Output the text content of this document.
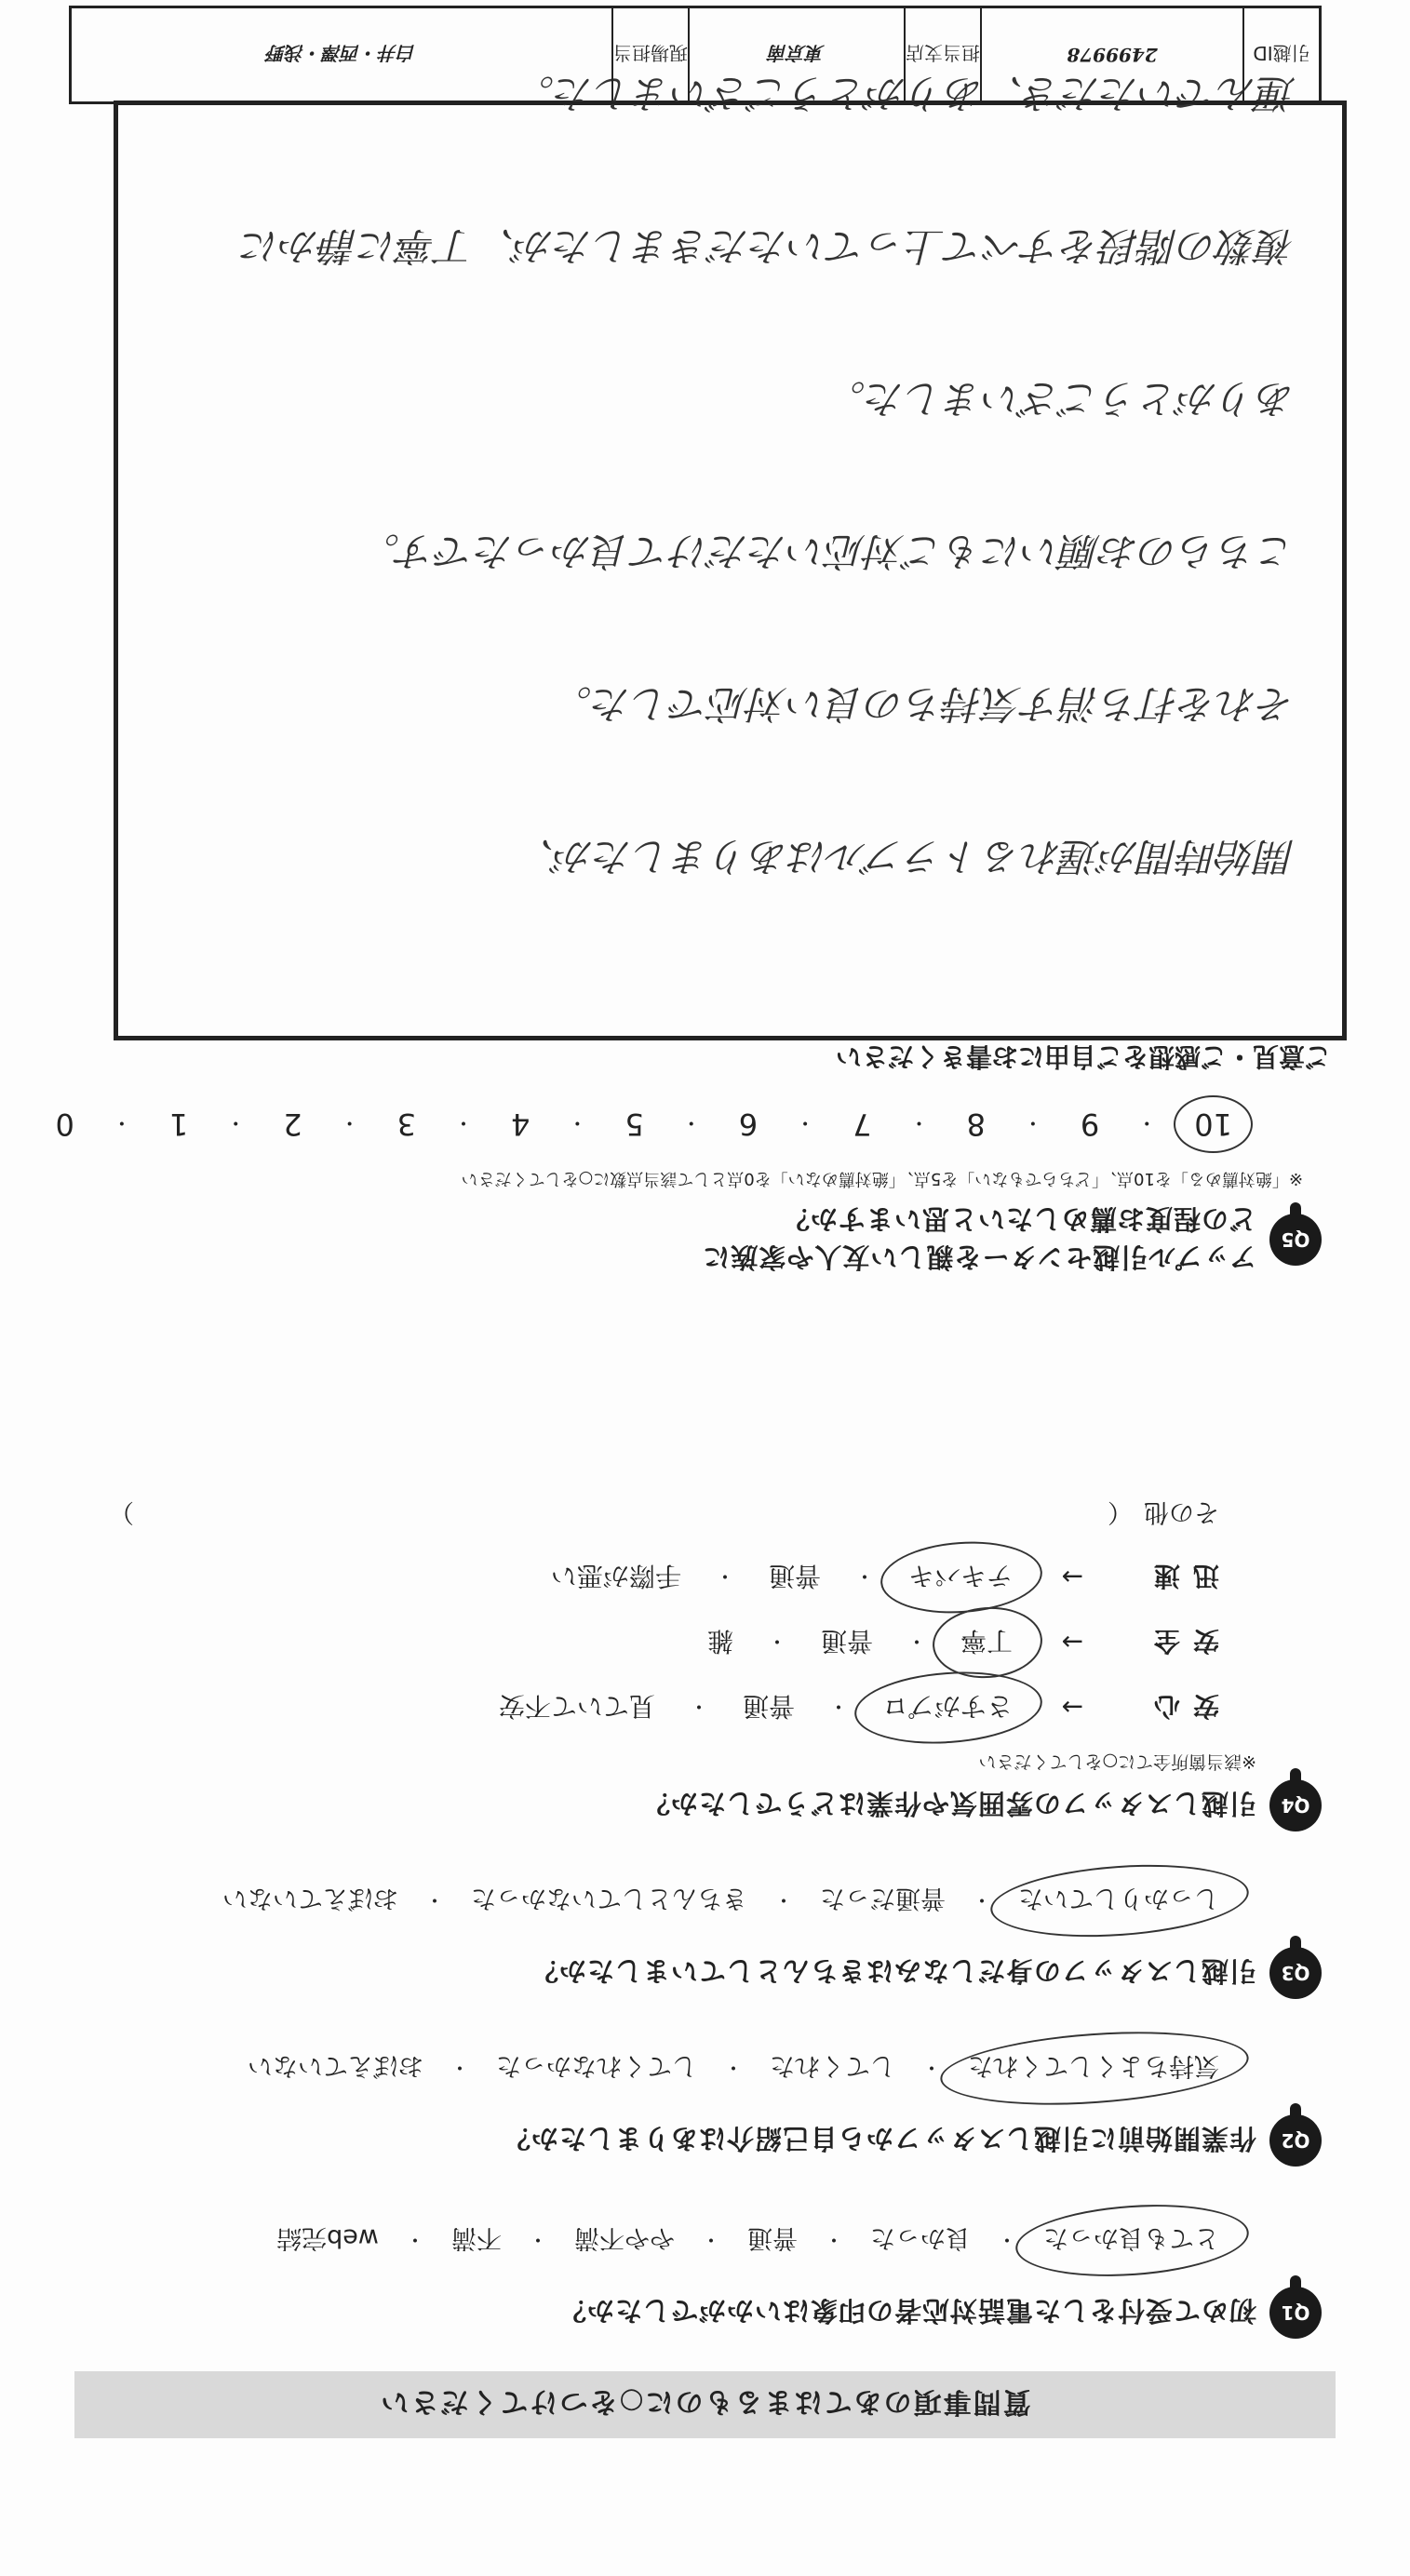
質問事項のあてはまるものに○をつけてください
Q1
初めて受付をした電話対応者の印象はいかがでしたか？
とても良かった
・
良かった
・
普通
・
やや不満
・
不満
・
web完結
Q2
作業開始前に引越しスタッフから自己紹介はありましたか？
気持ちよくしてくれた
・
してくれた
・
してくれなかった
・
おぼえていない
Q3
引越しスタッフの身だしなみはきちんとしていましたか？
しっかりしていた
・
普通だった
・
きちんとしていなかった
・
おぼえていない
Q4
引越しスタッフの雰囲気や作業はどうでしたか？
※該当箇所全てに○をしてください
安心
→
さすがプロ
・
普通
・
見ていて不安
安全
→
丁寧
・
普通
・
雑
迅速
→
テキパキ
・
普通
・
手際が悪い
その他
（
）
Q5
アップル引越センターを親しい友人や家族に
どの程度お薦めしたいと思いますか？
※「絶対薦める」を10点、「どちらでもない」を5点、「絶対薦めない」を0点として該当点数に○をしてください
10
・
9
・
8
・
7
・
6
・
5
・
4
・
3
・
2
・
1
・
0
ご意見・ご感想をご自由にお書きください

開始時間が遅れるトラブルはありましたが、

それを打ち消す気持ちの良い対応でした。

こちらのお願いにもご対応いただけて良かったです。

ありがとうございました。

複数の階段をすべて上っていただきましたが、丁寧に静かに

運んでいただき、ありがとうございました。

引越ID
2499978
担当支店
東京南
現場担当
白井・西澤・浅野
